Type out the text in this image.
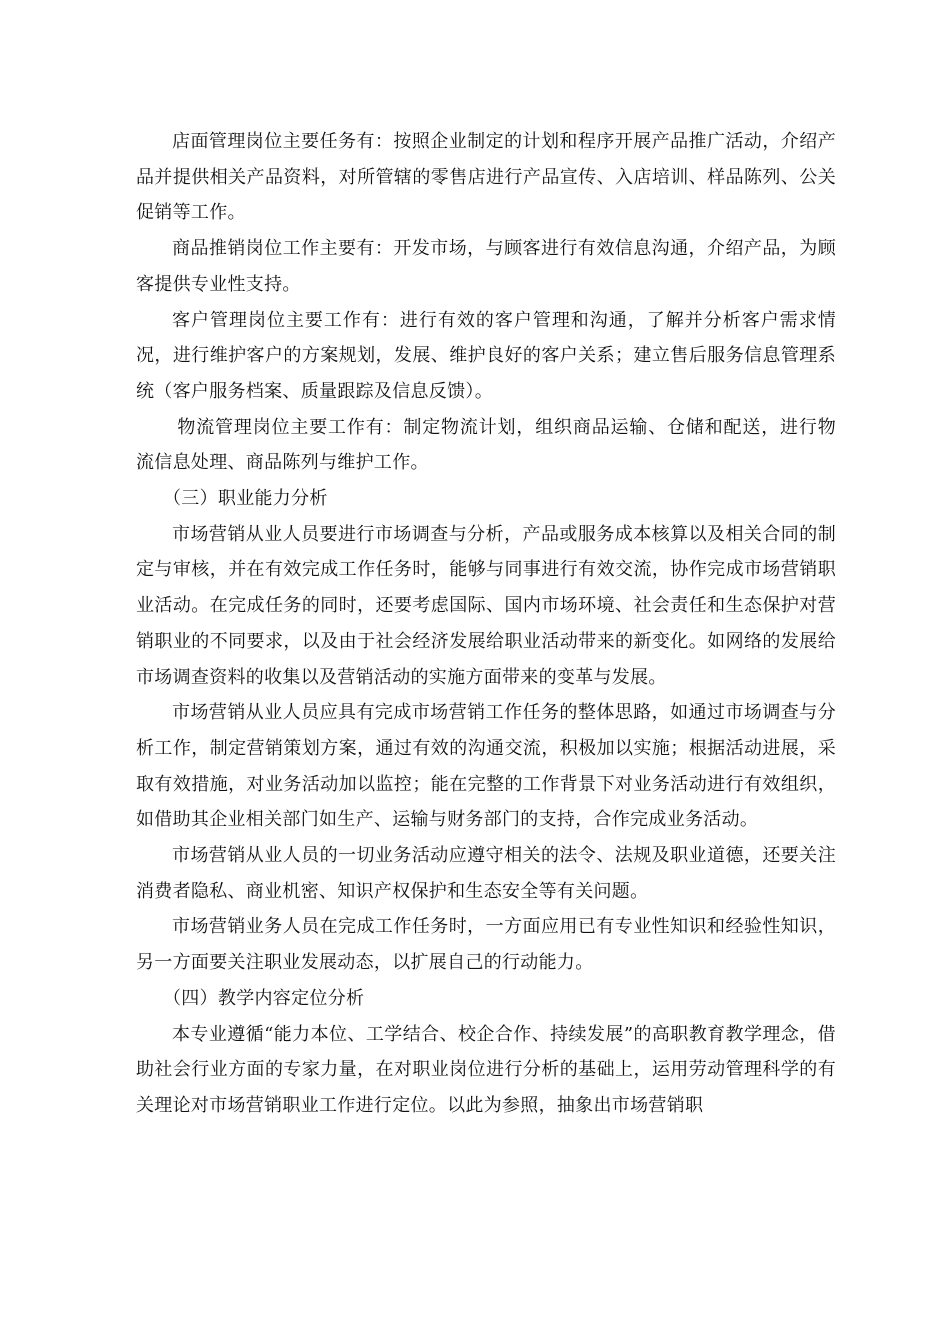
店面管理岗位主要任务有：按照企业制定的计划和程序开展产品推广活动，介绍产品并提供相关产品资料，对所管辖的零售店进行产品宣传、入店培训、样品陈列、公关促销等工作。

商品推销岗位工作主要有：开发市场，与顾客进行有效信息沟通，介绍产品，为顾客提供专业性支持。

客户管理岗位主要工作有：进行有效的客户管理和沟通，了解并分析客户需求情况，进行维护客户的方案规划，发展、维护良好的客户关系；建立售后服务信息管理系统（客户服务档案、质量跟踪及信息反馈）。

物流管理岗位主要工作有：制定物流计划，组织商品运输、仓储和配送，进行物流信息处理、商品陈列与维护工作。

（三）职业能力分析

市场营销从业人员要进行市场调查与分析，产品或服务成本核算以及相关合同的制定与审核，并在有效完成工作任务时，能够与同事进行有效交流，协作完成市场营销职业活动。在完成任务的同时，还要考虑国际、国内市场环境、社会责任和生态保护对营销职业的不同要求，以及由于社会经济发展给职业活动带来的新变化。如网络的发展给市场调查资料的收集以及营销活动的实施方面带来的变革与发展。

市场营销从业人员应具有完成市场营销工作任务的整体思路，如通过市场调查与分析工作，制定营销策划方案，通过有效的沟通交流，积极加以实施；根据活动进展，采取有效措施，对业务活动加以监控；能在完整的工作背景下对业务活动进行有效组织，如借助其企业相关部门如生产、运输与财务部门的支持，合作完成业务活动。

市场营销从业人员的一切业务活动应遵守相关的法令、法规及职业道德，还要关注消费者隐私、商业机密、知识产权保护和生态安全等有关问题。

市场营销业务人员在完成工作任务时，一方面应用已有专业性知识和经验性知识，另一方面要关注职业发展动态，以扩展自己的行动能力。

（四）教学内容定位分析

本专业遵循“能力本位、工学结合、校企合作、持续发展”的高职教育教学理念，借助社会行业方面的专家力量，在对职业岗位进行分析的基础上，运用劳动管理科学的有关理论对市场营销职业工作进行定位。以此为参照，抽象出市场营销职
